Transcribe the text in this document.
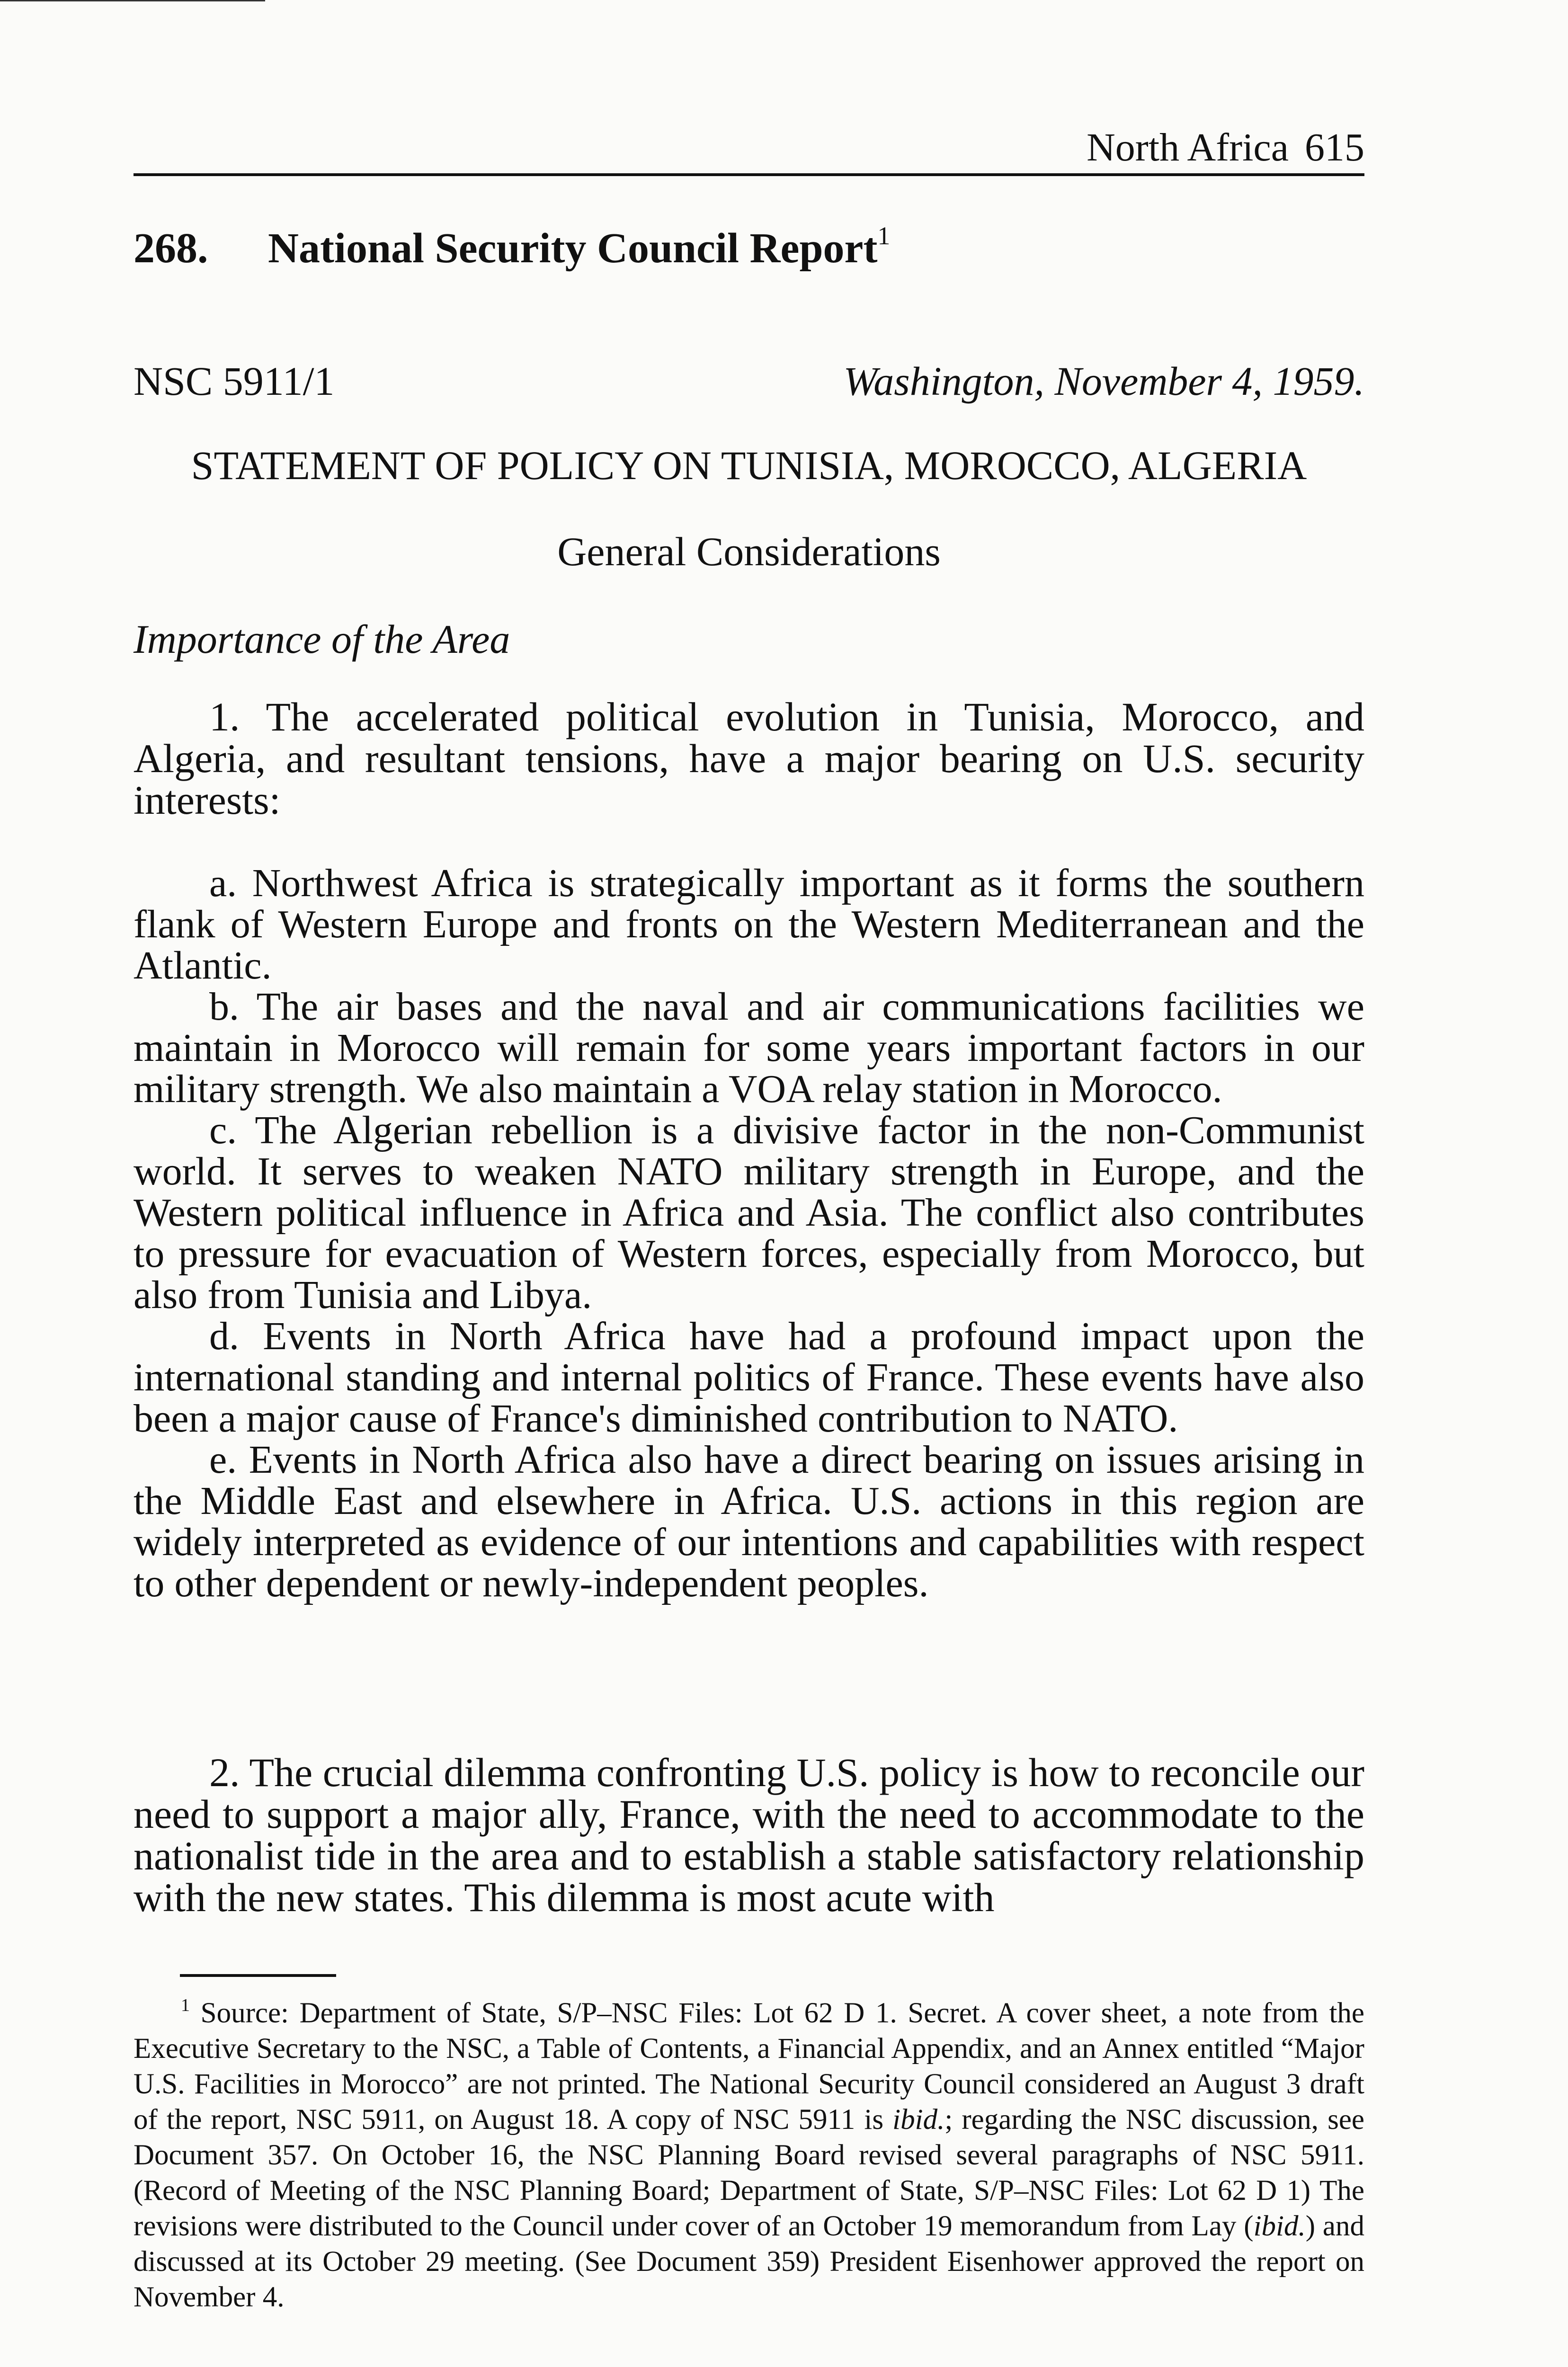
North Africa 615
268. National Security Council Report$^1$
NSC 5911/1	Washington, November 4, 1959.
STATEMENT OF POLICY ON TUNISIA, MOROCCO, ALGERIA
General Considerations
Importance of the Area

1. The accelerated political evolution in Tunisia, Morocco, and Algeria, and resultant tensions, have a major bearing on U.S. security interests:

a. Northwest Africa is strategically important as it forms the southern flank of Western Europe and fronts on the Western Mediterranean and the Atlantic.

b. The air bases and the naval and air communications facilities we maintain in Morocco will remain for some years important factors in our military strength. We also maintain a VOA relay station in Morocco.

c. The Algerian rebellion is a divisive factor in the non-Communist world. It serves to weaken NATO military strength in Europe, and the Western political influence in Africa and Asia. The conflict also contributes to pressure for evacuation of Western forces, especially from Morocco, but also from Tunisia and Libya.

d. Events in North Africa have had a profound impact upon the international standing and internal politics of France. These events have also been a major cause of France's diminished contribution to NATO.

e. Events in North Africa also have a direct bearing on issues arising in the Middle East and elsewhere in Africa. U.S. actions in this region are widely interpreted as evidence of our intentions and capabilities with respect to other dependent or newly-independent peoples.

2. The crucial dilemma confronting U.S. policy is how to reconcile our need to support a major ally, France, with the need to accommodate to the nationalist tide in the area and to establish a stable satisfactory relationship with the new states. This dilemma is most acute with

$^1$ Source: Department of State, S/P–NSC Files: Lot 62 D 1. Secret. A cover sheet, a note from the Executive Secretary to the NSC, a Table of Contents, a Financial Appendix, and an Annex entitled “Major U.S. Facilities in Morocco” are not printed. The National Security Council considered an August 3 draft of the report, NSC 5911, on August 18. A copy of NSC 5911 is ibid.; regarding the NSC discussion, see Document 357. On October 16, the NSC Planning Board revised several paragraphs of NSC 5911. (Record of Meeting of the NSC Planning Board; Department of State, S/P–NSC Files: Lot 62 D 1) The revisions were distributed to the Council under cover of an October 19 memorandum from Lay (ibid.) and discussed at its October 29 meeting. (See Document 359) President Eisenhower approved the report on November 4.
